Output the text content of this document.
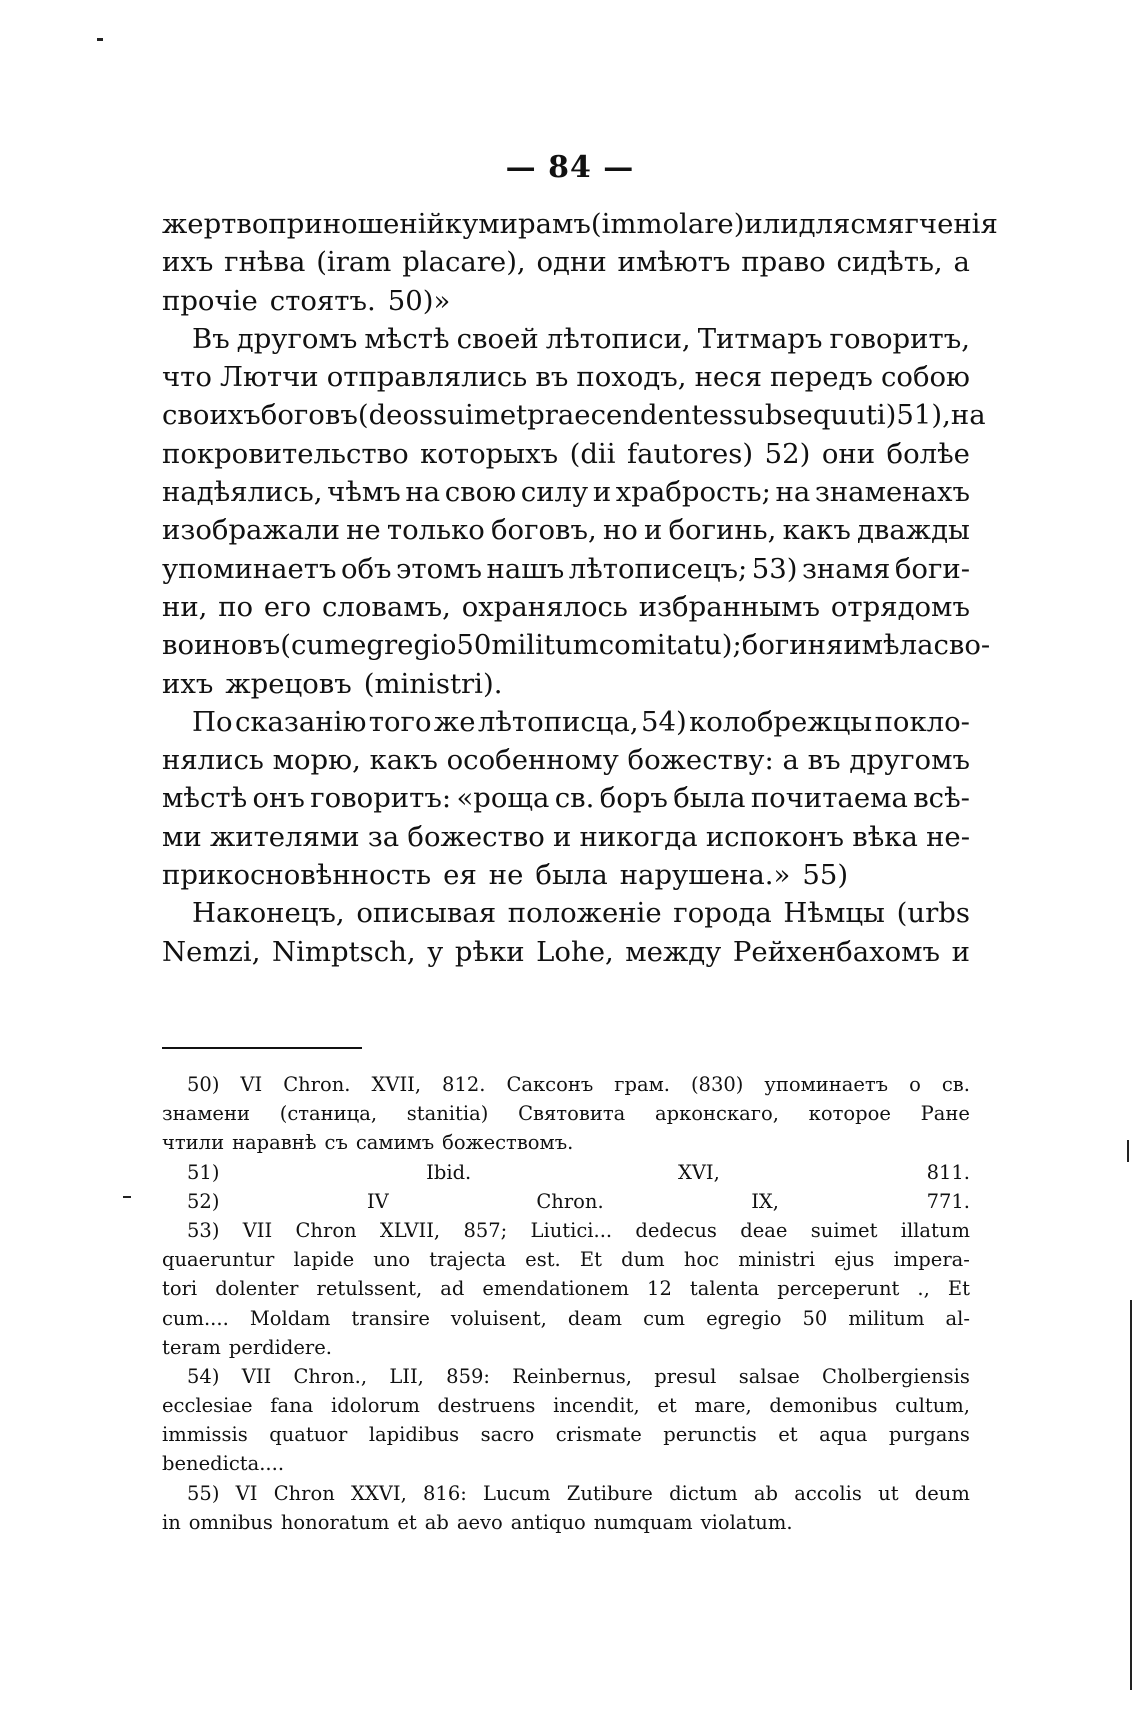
— 84 —
жертвоприношеній кумирамъ (immolare) или для смягченія
ихъ гнѣва (iram placare), одни имѣютъ право сидѣть, а
прочіе стоятъ. 50)»
Въ другомъ мѣстѣ своей лѣтописи, Титмаръ говоритъ,
что Лютчи отправлялись въ походъ, неся передъ собою
своихъ боговъ (deos suimet praecendentes subsequuti) 51), на
покровительство которыхъ (dii fautores) 52) они болѣе
надѣялись, чѣмъ на свою силу и храбрость; на знаменахъ
изображали не только боговъ, но и богинь, какъ дважды
упоминаетъ объ этомъ нашъ лѣтописецъ; 53) знамя боги-
ни, по его словамъ, охранялось избраннымъ отрядомъ
воиновъ (cum egregio 50 militum comitatu); богиня имѣла сво-
ихъ жрецовъ (ministri).
По сказанію того же лѣтописца, 54) колобрежцы покло-
нялись морю, какъ особенному божеству: а въ другомъ
мѣстѣ онъ говоритъ: «роща св. боръ была почитаема всѣ-
ми жителями за божество и никогда испоконъ вѣка не-
прикосновѣнность ея не была нарушена.» 55)
Наконецъ, описывая положеніе города Нѣмцы (urbs
Nemzi, Nimptsch, у рѣки Lohe, между Рейхенбахомъ и
50) VI Chron. XVII, 812. Саксонъ грам. (830) упоминаетъ о св.
знамени (станица, stanitia) Святовита арконскаго, которое Ране
чтили наравнѣ съ самимъ божествомъ.
51)	Ibid.	XVI,	811.
52)	IV	Chron.	IX,	771.
53) VII Chron XLVII, 857; Liutici... dedecus deae suimet illatum
quaeruntur lapide uno trajecta est. Et dum hoc ministri ejus impera-
tori dolenter retulssent, ad emendationem 12 talenta perceperunt ., Et
cum.... Moldam transire voluisent, deam cum egregio 50 militum al-
teram perdidere.
54) VII Chron., LII, 859: Reinbernus, presul salsae Cholbergiensis
ecclesiae fana idolorum destruens incendit, et mare, demonibus cultum,
immissis quatuor lapidibus sacro crismate perunctis et aqua purgans
benedicta....
55) VI Chron XXVI, 816: Lucum Zutibure dictum ab accolis ut deum
in omnibus honoratum et ab aevo antiquo numquam violatum.
